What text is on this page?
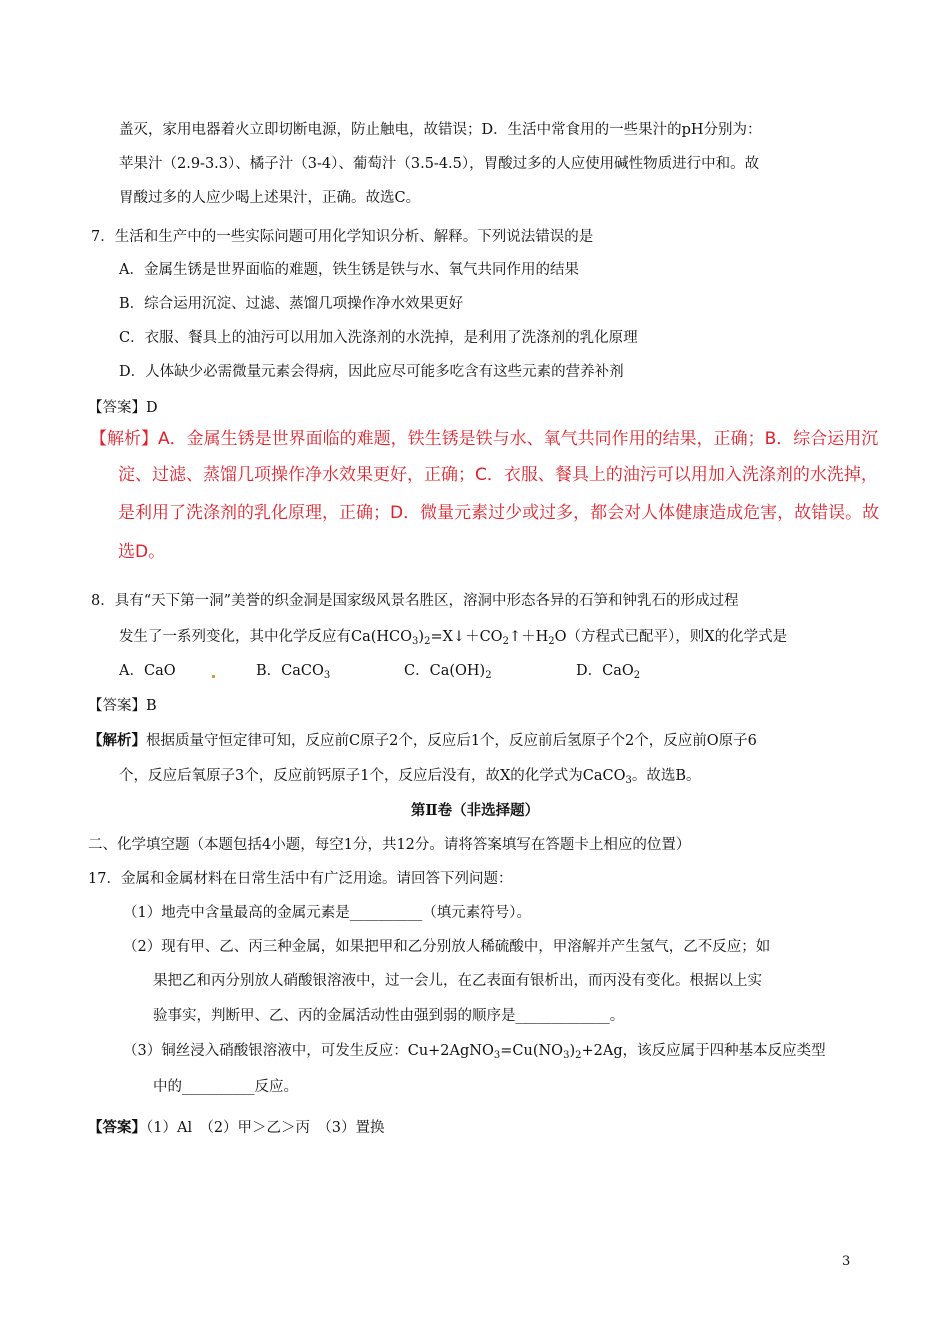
盖灭，家用电器着火立即切断电源，防止触电，故错误；D．生活中常食用的一些果汁的pH分别为：
苹果汁（2.9-3.3）、橘子汁（3-4）、葡萄汁（3.5-4.5），胃酸过多的人应使用碱性物质进行中和。故
胃酸过多的人应少喝上述果汁，正确。故选C。
7．生活和生产中的一些实际问题可用化学知识分析、解释。下列说法错误的是
A．金属生锈是世界面临的难题，铁生锈是铁与水、氧气共同作用的结果
B．综合运用沉淀、过滤、蒸馏几项操作净水效果更好
C．衣服、餐具上的油污可以用加入洗涤剂的水洗掉，是利用了洗涤剂的乳化原理
D．人体缺少必需微量元素会得病，因此应尽可能多吃含有这些元素的营养补剂
【答案】D
【解析】A．金属生锈是世界面临的难题，铁生锈是铁与水、氧气共同作用的结果，正确；B．综合运用沉
淀、过滤、蒸馏几项操作净水效果更好，正确；C．衣服、餐具上的油污可以用加入洗涤剂的水洗掉，
是利用了洗涤剂的乳化原理，正确；D．微量元素过少或过多，都会对人体健康造成危害，故错误。故
选D。
8．具有“天下第一洞”美誉的织金洞是国家级风景名胜区，溶洞中形态各异的石笋和钟乳石的形成过程
发生了一系列变化，其中化学反应有$Ca(HCO_3)_2=X↓+CO_2↑+H_2O$（方程式已配平），则X的化学式是
A．CaO	B．CaCO$_3$	C．$Ca(OH)_2$	D．CaO$_2$
【答案】B
【解析】根据质量守恒定律可知，反应前C原子2个，反应后1个，反应前后氢原子个2个，反应前O原子6
个，反应后氧原子3个，反应前钙原子1个，反应后没有，故X的化学式为CaCO$_3$。故选B。
第Ⅱ卷（非选择题）
二、化学填空题（本题包括4小题，每空1分，共12分。请将答案填写在答题卡上相应的位置）
17．金属和金属材料在日常生活中有广泛用途。请回答下列问题：
（1）地壳中含量最高的金属元素是__________（填元素符号）。
（2）现有甲、乙、丙三种金属，如果把甲和乙分别放人稀硫酸中，甲溶解并产生氢气，乙不反应；如
果把乙和丙分别放人硝酸银溶液中，过一会儿，在乙表面有银析出，而丙没有变化。根据以上实
验事实，判断甲、乙、丙的金属活动性由强到弱的顺序是_____________。
（3）铜丝浸入硝酸银溶液中，可发生反应：$Cu+2AgNO_3=Cu(NO_3)_2+2Ag$，该反应属于四种基本反应类型
中的__________反应。
【答案】（1）Al　（2）甲＞乙＞丙　（3）置换
3
